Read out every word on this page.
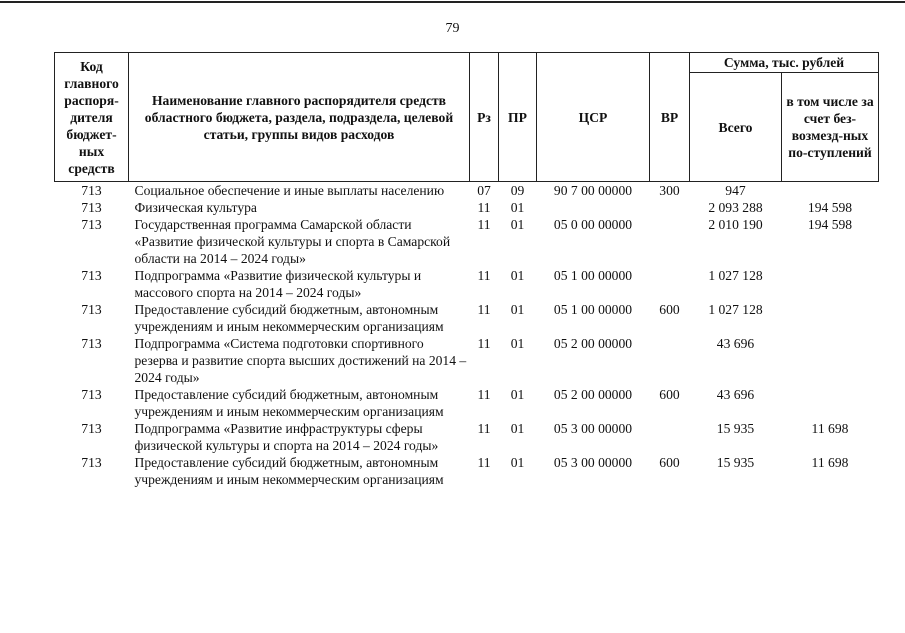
79
Код главного распоря-дителя бюджет-ных средств	Наименование главного распорядителя средств областного бюджета, раздела, подраздела, целевой статьи, группы видов расходов	Рз	ПР	ЦСР	ВР	Сумма, тыс. рублей	
						Всего	в том числе за счет без-возмезд-ных по-ступлений
713	Социальное обеспечение и иные выплаты населению	07	09	90 7 00 00000	300	947	
713	Физическая культура	11	01			2 093 288	194 598
713	Государственная программа Самарской области «Развитие физической культуры и спорта в Самарской области на 2014 – 2024 годы»	11	01	05 0 00 00000		2 010 190	194 598
713	Подпрограмма «Развитие физической культуры и массового спорта на 2014 – 2024 годы»	11	01	05 1 00 00000		1 027 128	
713	Предоставление субсидий бюджетным, автономным учреждениям и иным некоммерческим организациям	11	01	05 1 00 00000	600	1 027 128	
713	Подпрограмма «Система подготовки спортивного резерва и развитие спорта высших достижений на 2014 – 2024 годы»	11	01	05 2 00 00000		43 696	
713	Предоставление субсидий бюджетным, автономным учреждениям и иным некоммерческим организациям	11	01	05 2 00 00000	600	43 696	
713	Подпрограмма «Развитие инфраструктуры сферы физической культуры и спорта на 2014 – 2024 годы»	11	01	05 3 00 00000		15 935	11 698
713	Предоставление субсидий бюджетным, автономным учреждениям и иным некоммерческим организациям	11	01	05 3 00 00000	600	15 935	11 698
